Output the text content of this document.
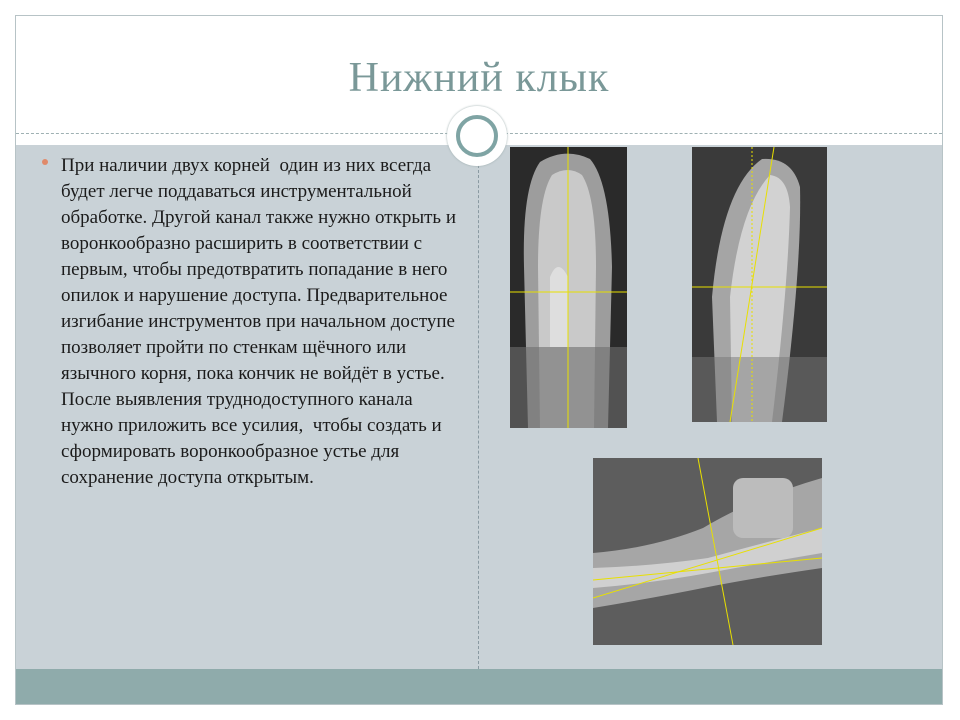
Нижний клык

При наличии двух корней  один из них всегда будет легче поддаваться инструментальной обработке. Другой канал также нужно открыть и воронкообразно расширить в соответствии с первым, чтобы предотвратить попадание в него опилок и нарушение доступа. Предварительное изгибание инструментов при начальном доступе позволяет пройти по стенкам щёчного или язычного корня, пока кончик не войдёт в устье. После выявления труднодоступного канала нужно приложить все усилия,  чтобы создать и сформировать воронкообразное устье для сохранение доступа открытым.
